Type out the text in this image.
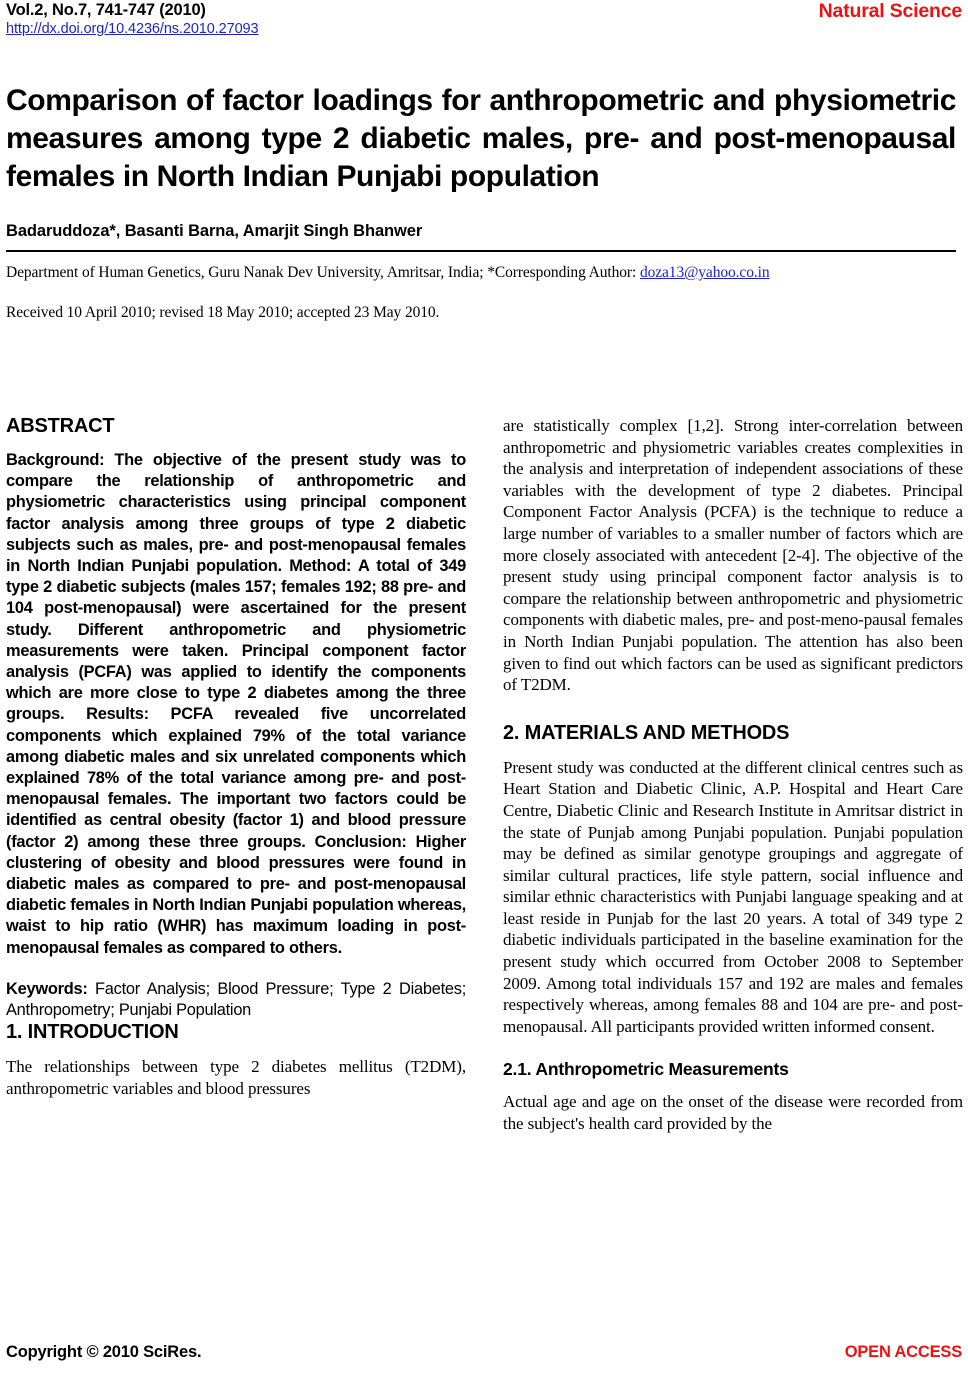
Vol.2, No.7, 741-747 (2010)
http://dx.doi.org/10.4236/ns.2010.27093
Natural Science
Comparison of factor loadings for anthropometric and physiometric measures among type 2 diabetic males, pre- and post-menopausal females in North Indian Punjabi population
Badaruddoza*, Basanti Barna, Amarjit Singh Bhanwer
Department of Human Genetics, Guru Nanak Dev University, Amritsar, India; *Corresponding Author: doza13@yahoo.co.in
Received 10 April 2010; revised 18 May 2010; accepted 23 May 2010.
ABSTRACT

Background: The objective of the present study was to compare the relationship of anthropometric and physiometric characteristics using principal component factor analysis among three groups of type 2 diabetic subjects such as males, pre- and post-menopausal females in North Indian Punjabi population. Method: A total of 349 type 2 diabetic subjects (males 157; females 192; 88 pre- and 104 post-menopausal) were ascertained for the present study. Different anthropometric and physiometric measurements were taken. Principal component factor analysis (PCFA) was applied to identify the components which are more close to type 2 diabetes among the three groups. Results: PCFA revealed five uncorrelated components which explained 79% of the total variance among diabetic males and six unrelated components which explained 78% of the total variance among pre- and post-menopausal females. The important two factors could be identified as central obesity (factor 1) and blood pressure (factor 2) among these three groups. Conclusion: Higher clustering of obesity and blood pressures were found in diabetic males as compared to pre- and post-menopausal diabetic females in North Indian Punjabi population whereas, waist to hip ratio (WHR) has maximum loading in post-menopausal females as compared to others.

Keywords: Factor Analysis; Blood Pressure; Type 2 Diabetes; Anthropometry; Punjabi Population

1. INTRODUCTION

The relationships between type 2 diabetes mellitus (T2DM), anthropometric variables and blood pressures

are statistically complex [1,2]. Strong inter-correlation between anthropometric and physiometric variables creates complexities in the analysis and interpretation of independent associations of these variables with the development of type 2 diabetes. Principal Component Factor Analysis (PCFA) is the technique to reduce a large number of variables to a smaller number of factors which are more closely associated with antecedent [2-4]. The objective of the present study using principal component factor analysis is to compare the relationship between anthropometric and physiometric components with diabetic males, pre- and post-meno-pausal females in North Indian Punjabi population. The attention has also been given to find out which factors can be used as significant predictors of T2DM.

2. MATERIALS AND METHODS

Present study was conducted at the different clinical centres such as Heart Station and Diabetic Clinic, A.P. Hospital and Heart Care Centre, Diabetic Clinic and Research Institute in Amritsar district in the state of Punjab among Punjabi population. Punjabi population may be defined as similar genotype groupings and aggregate of similar cultural practices, life style pattern, social influence and similar ethnic characteristics with Punjabi language speaking and at least reside in Punjab for the last 20 years. A total of 349 type 2 diabetic individuals participated in the baseline examination for the present study which occurred from October 2008 to September 2009. Among total individuals 157 and 192 are males and females respectively whereas, among females 88 and 104 are pre- and post-menopausal. All participants provided written informed consent.

2.1. Anthropometric Measurements

Actual age and age on the onset of the disease were recorded from the subject's health card provided by the

Copyright © 2010 SciRes.	OPEN ACCESS
